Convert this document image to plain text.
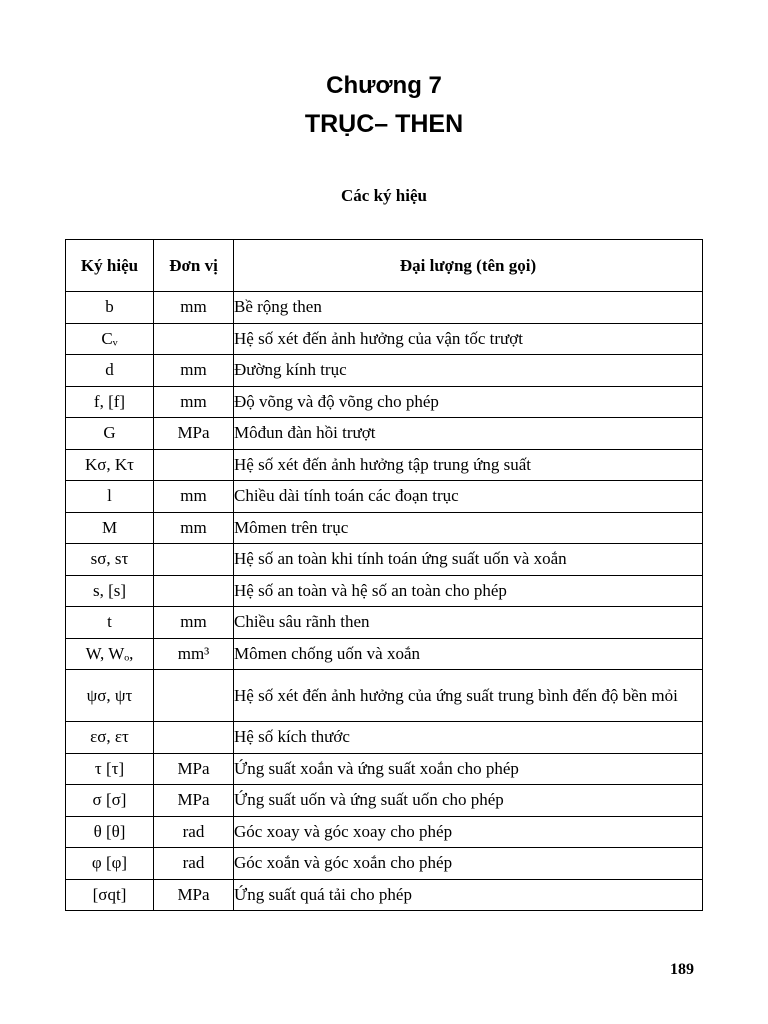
Chương 7
TRỤC– THEN
Các ký hiệu
Ký hiệu	Đơn vị	Đại lượng (tên gọi)
b	mm	Bề rộng then
Cᵥ		Hệ số xét đến ảnh hưởng của vận tốc trượt
d	mm	Đường kính trục
f, [f]	mm	Độ võng và độ võng cho phép
G	MPa	Môđun đàn hồi trượt
Kσ, Kτ		Hệ số xét đến ảnh hưởng tập trung ứng suất
l	mm	Chiều dài tính toán các đoạn trục
M	mm	Mômen trên trục
sσ, sτ		Hệ số an toàn khi tính toán ứng suất uốn và xoắn
s, [s]		Hệ số an toàn và hệ số an toàn cho phép
t	mm	Chiều sâu rãnh then
W, Wₒ,	mm³	Mômen chống uốn và xoắn
ψσ, ψτ		Hệ số xét đến ảnh hưởng của ứng suất trung bình đến độ bền mỏi
εσ, ετ		Hệ số kích thước
τ [τ]	MPa	Ứng suất xoắn và ứng suất xoắn cho phép
σ [σ]	MPa	Ứng suất uốn và ứng suất uốn cho phép
θ [θ]	rad	Góc xoay và góc xoay cho phép
φ [φ]	rad	Góc xoắn và góc xoắn cho phép
[σqt]	MPa	Ứng suất quá tải cho phép
189
